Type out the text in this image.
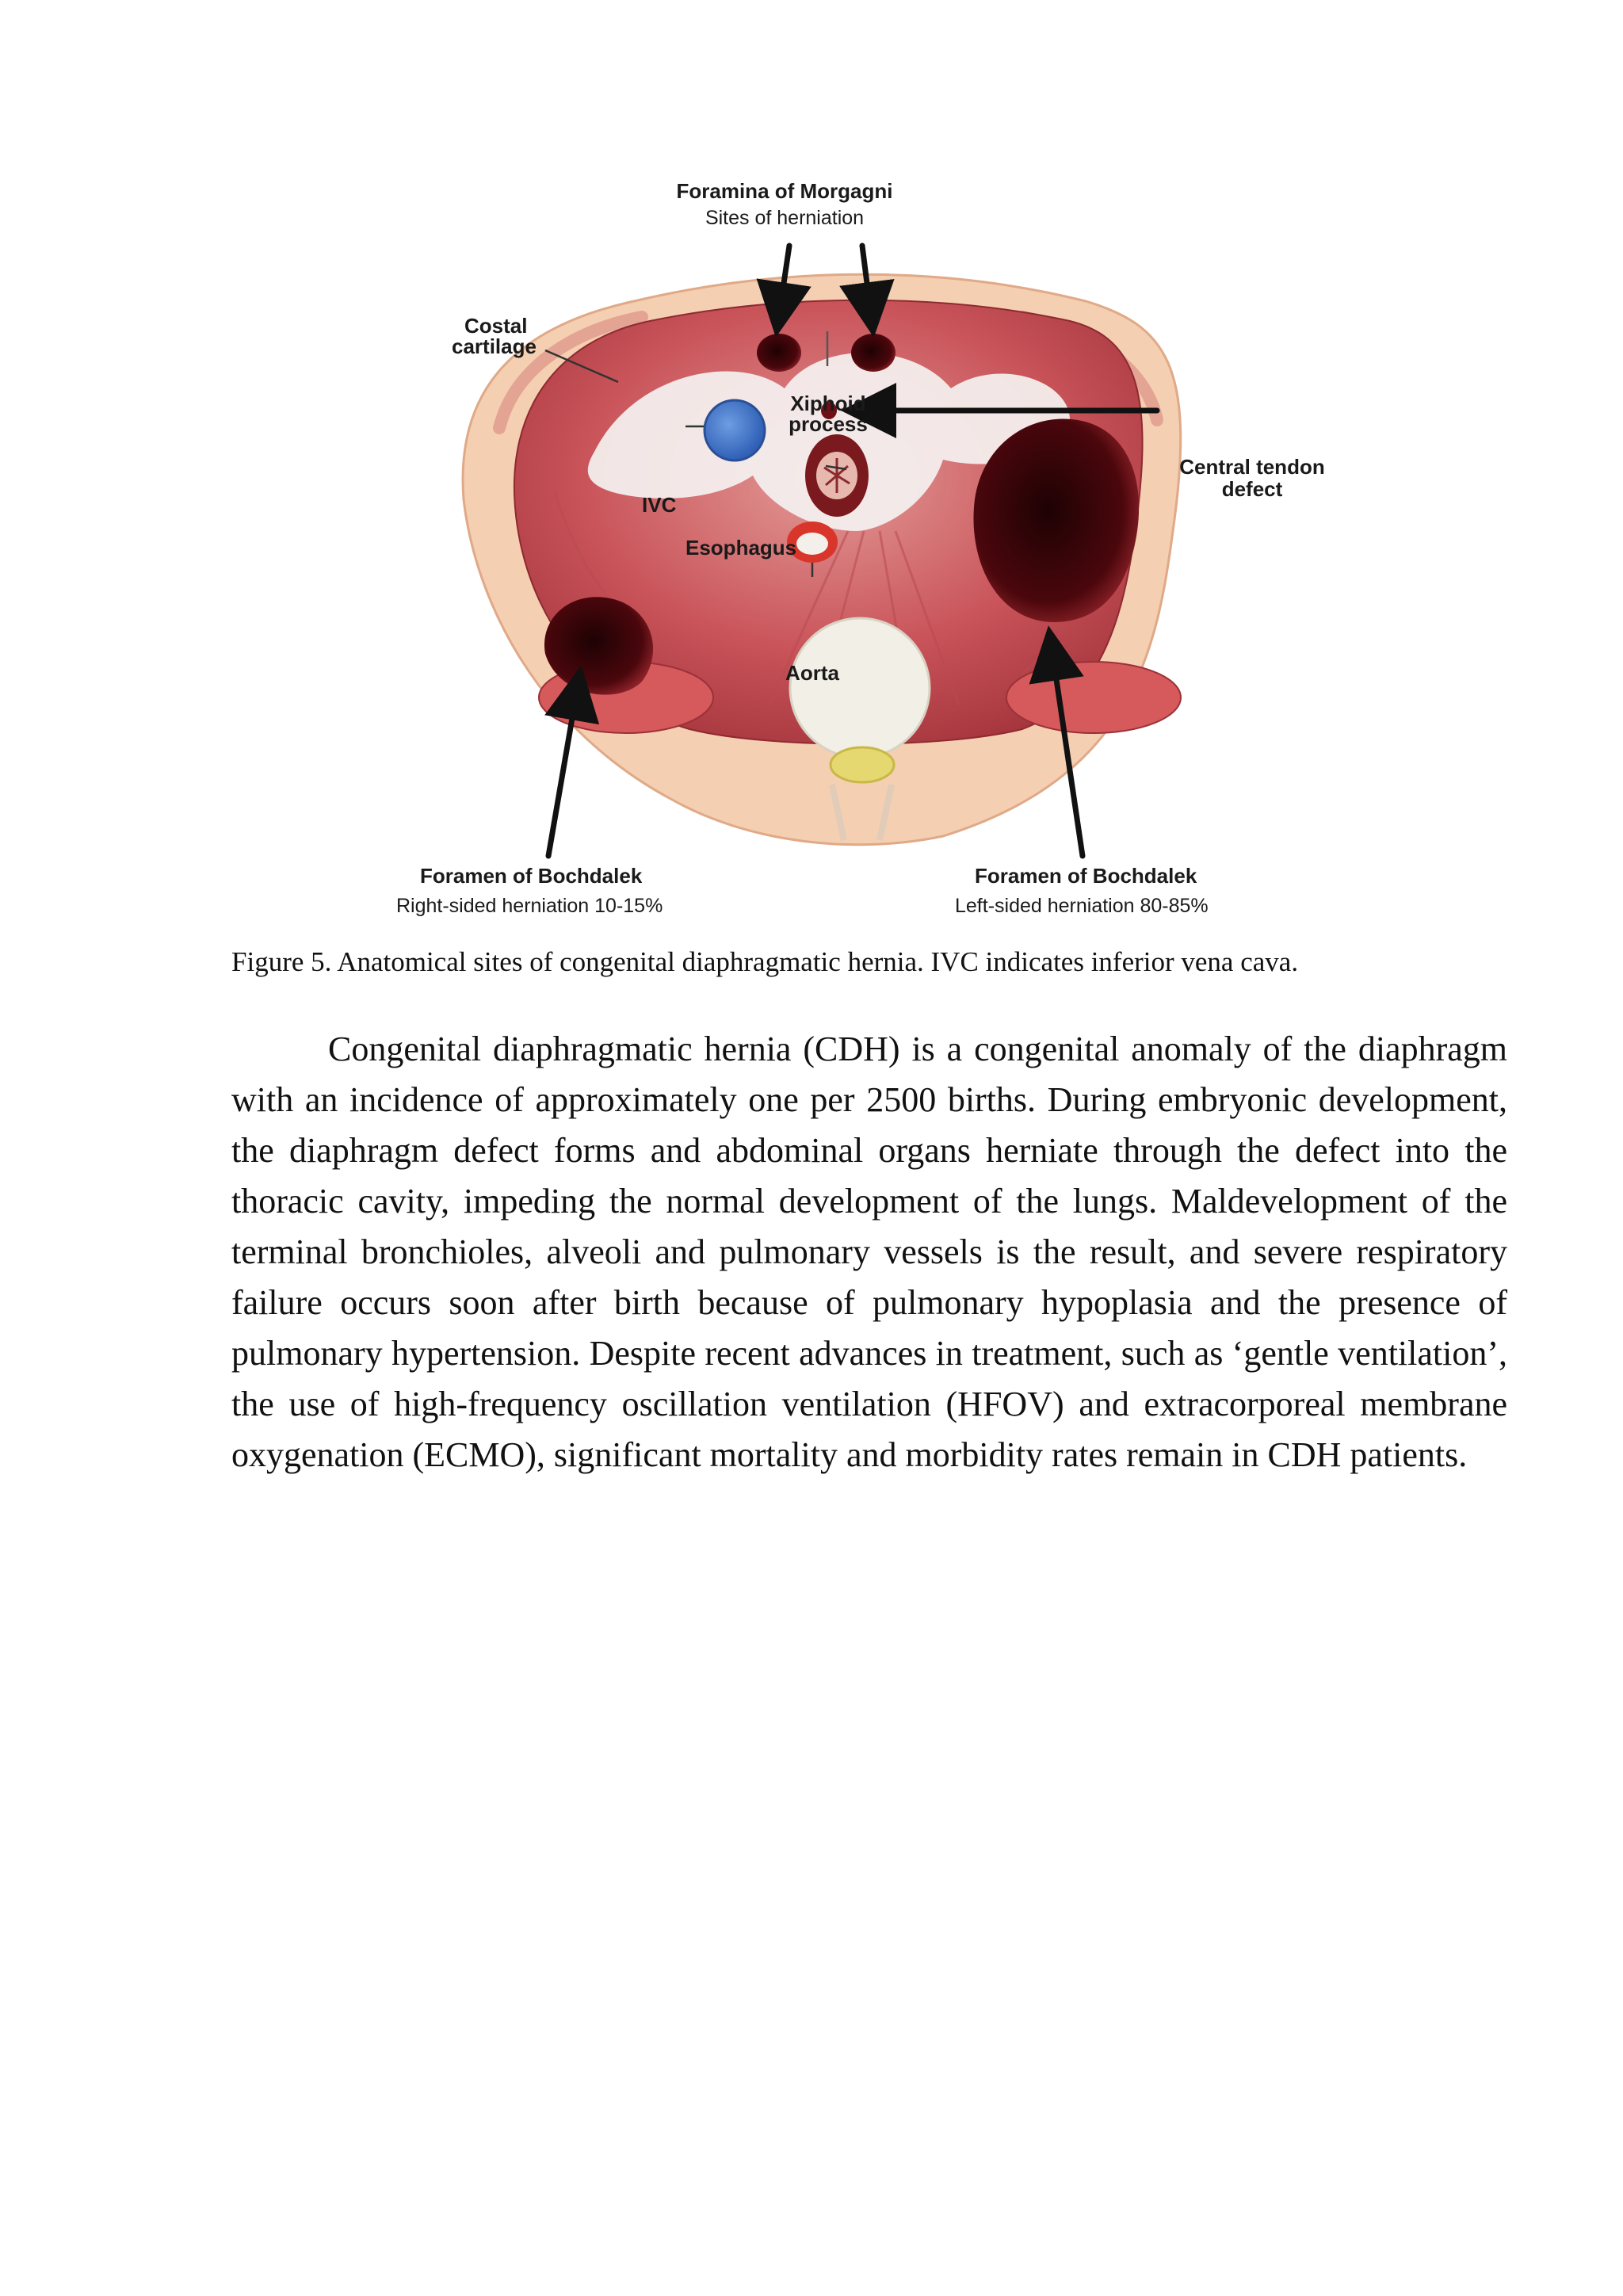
Foramina of Morgagni
Sites of herniation
Costal
cartilage
Xiphoid
process
Central tendon
defect
IVC
Esophagus
Aorta
Foramen of Bochdalek
Right-sided herniation 10-15%
Foramen of Bochdalek
Left-sided herniation 80-85%
Figure 5. Anatomical sites of congenital diaphragmatic hernia. IVC indicates inferior vena cava.

Congenital diaphragmatic hernia (CDH) is a congenital anomaly of the diaphragm with an incidence of approximately one per 2500 births. During embryonic development, the diaphragm defect forms and abdominal organs herniate through the defect into the thoracic cavity, impeding the normal development of the lungs. Maldevelopment of the terminal bronchioles, alveoli and pulmonary vessels is the result, and severe respiratory failure occurs soon after birth because of pulmonary hypoplasia and the presence of pulmonary hypertension. Despite recent advances in treatment, such as ‘gentle ventilation’, the use of high-frequency oscillation ventilation (HFOV) and extracorporeal membrane oxygenation (ECMO), significant mortality and morbidity rates remain in CDH patients.
